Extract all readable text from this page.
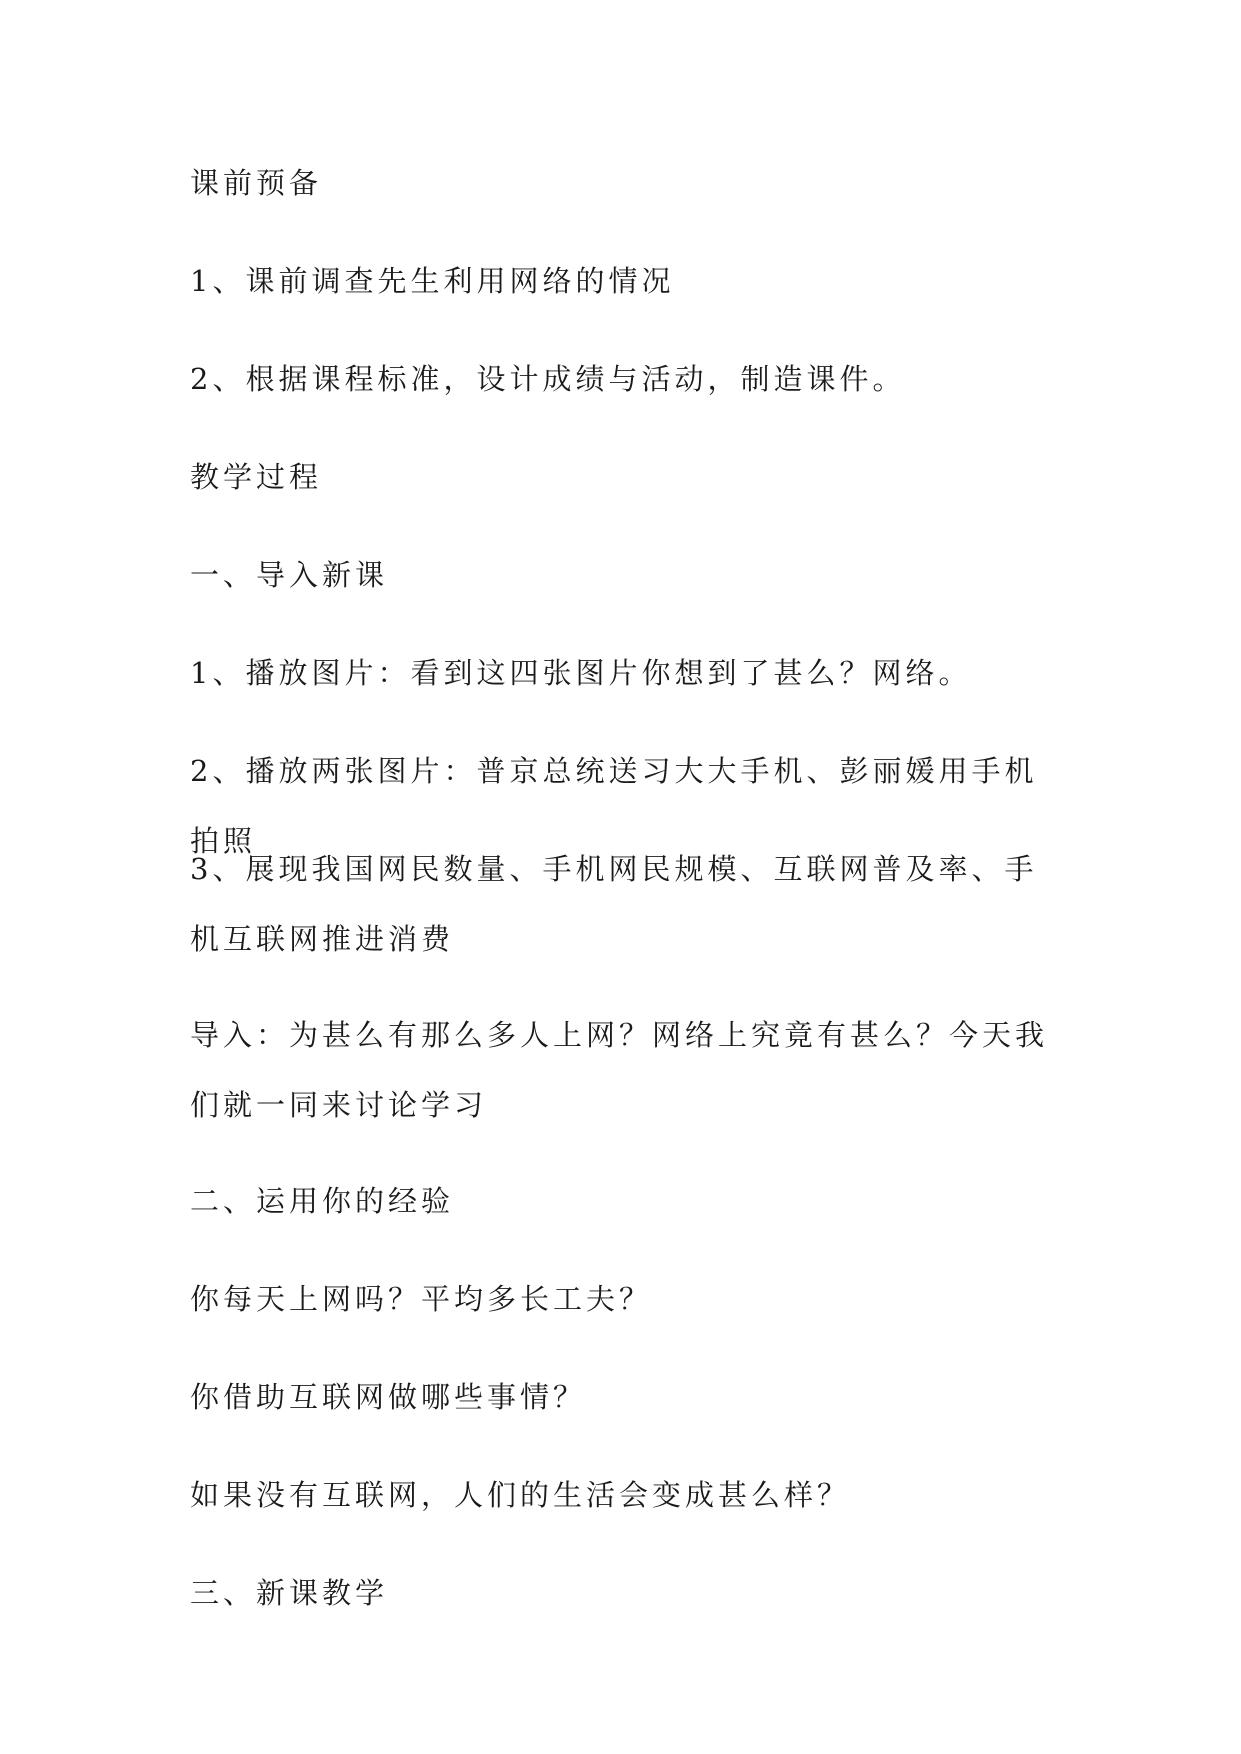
课前预备
1、课前调查先生利用网络的情况
2、根据课程标准，设计成绩与活动，制造课件。
教学过程
一、导入新课
1、播放图片：看到这四张图片你想到了甚么？网络。
2、播放两张图片：普京总统送习大大手机、彭丽媛用手机拍照
3、展现我国网民数量、手机网民规模、互联网普及率、手机互联网推进消费
导入：为甚么有那么多人上网？网络上究竟有甚么？今天我们就一同来讨论学习
二、运用你的经验
你每天上网吗？平均多长工夫？
你借助互联网做哪些事情？
如果没有互联网，人们的生活会变成甚么样？
三、新课教学
